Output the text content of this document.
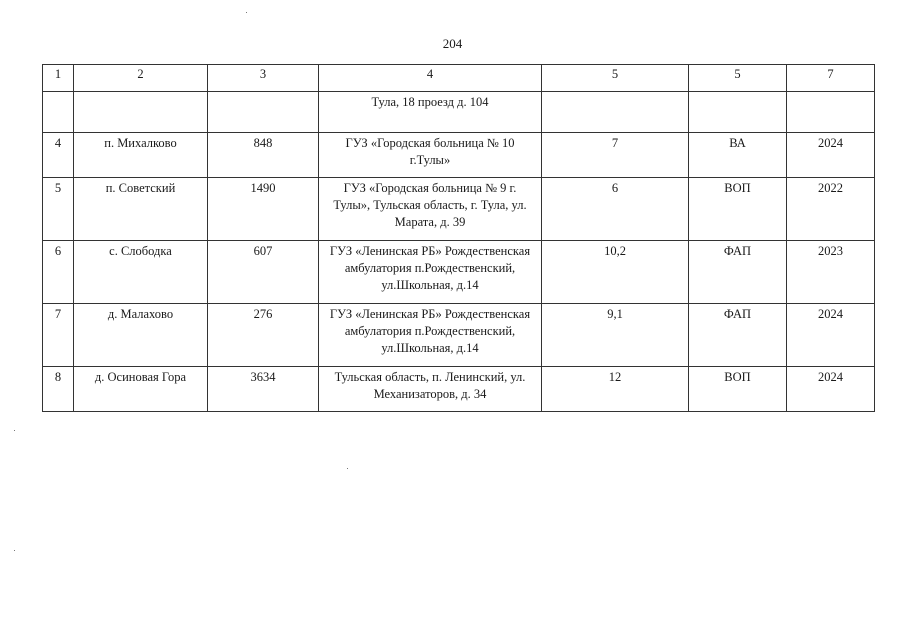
204
1	2	3	4	5	5	7
			Тула, 18 проезд д. 104			
4	п. Михалково	848	ГУЗ «Городская больница № 10 г.Тулы»	7	ВА	2024
5	п. Советский	1490	ГУЗ «Городская больница № 9 г. Тулы», Тульская область, г. Тула, ул. Марата, д. 39	6	ВОП	2022
6	с. Слободка	607	ГУЗ «Ленинская РБ» Рождественская амбулатория п.Рождественский, ул.Школьная, д.14	10,2	ФАП	2023
7	д. Малахово	276	ГУЗ «Ленинская РБ» Рождественская амбулатория п.Рождественский, ул.Школьная, д.14	9,1	ФАП	2024
8	д. Осиновая Гора	3634	Тульская область, п. Ленинский, ул. Механизаторов, д. 34	12	ВОП	2024
